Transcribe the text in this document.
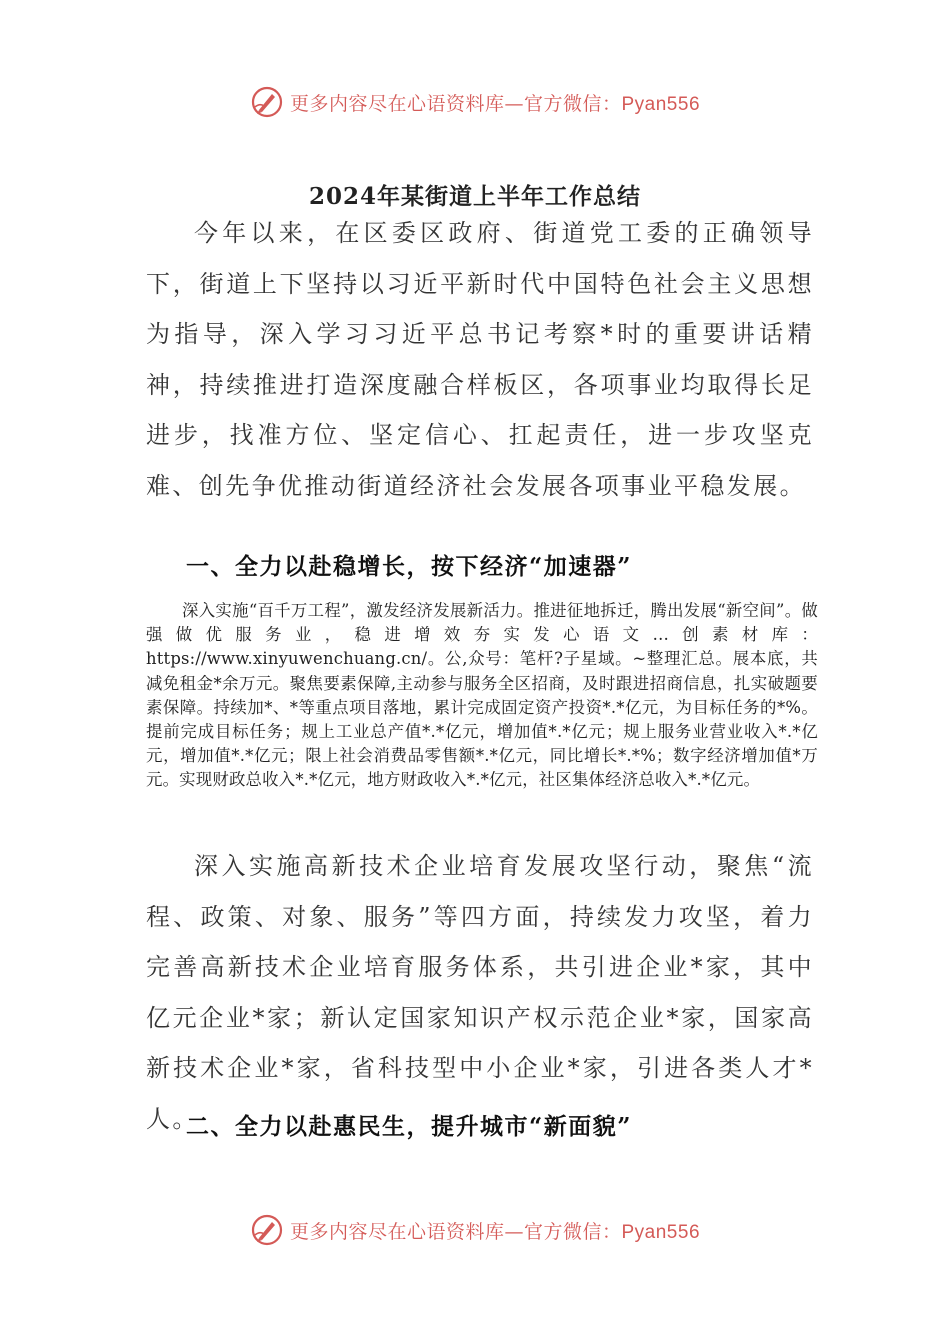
更多内容尽在心语资料库—官方微信：Pyan556
2024年某街道上半年工作总结

今年以来，在区委区政府、街道党工委的正确领导下，街道上下坚持以习近平新时代中国特色社会主义思想为指导，深入学习习近平总书记考察*时的重要讲话精神，持续推进打造深度融合样板区，各项事业均取得长足进步，找准方位、坚定信心、扛起责任，进一步攻坚克难、创先争优推动街道经济社会发展各项事业平稳发展。

一、全力以赴稳增长，按下经济“加速器”

深入实施“百千万工程”，激发经济发展新活力。推进征地拆迁，腾出发展“新空间”。做强做优服务业，稳进增效夯实发心语文…创素材库：https://www.xinyuwenchuang.cn/。公,众号：笔杆?子星域。~整理汇总。展本底，共减免租金*余万元。聚焦要素保障,主动参与服务全区招商，及时跟进招商信息，扎实破题要素保障。持续加*、*等重点项目落地，累计完成固定资产投资*.*亿元，为目标任务的*%。提前完成目标任务；规上工业总产值*.*亿元，增加值*.*亿元；规上服务业营业收入*.*亿元，增加值*.*亿元；限上社会消费品零售额*.*亿元，同比增长*.*%；数字经济增加值*万元。实现财政总收入*.*亿元，地方财政收入*.*亿元，社区集体经济总收入*.*亿元。

深入实施高新技术企业培育发展攻坚行动，聚焦“流程、政策、对象、服务”等四方面，持续发力攻坚，着力完善高新技术企业培育服务体系，共引进企业*家，其中亿元企业*家；新认定国家知识产权示范企业*家，国家高新技术企业*家，省科技型中小企业*家，引进各类人才*人。

二、全力以赴惠民生，提升城市“新面貌”
更多内容尽在心语资料库—官方微信：Pyan556
